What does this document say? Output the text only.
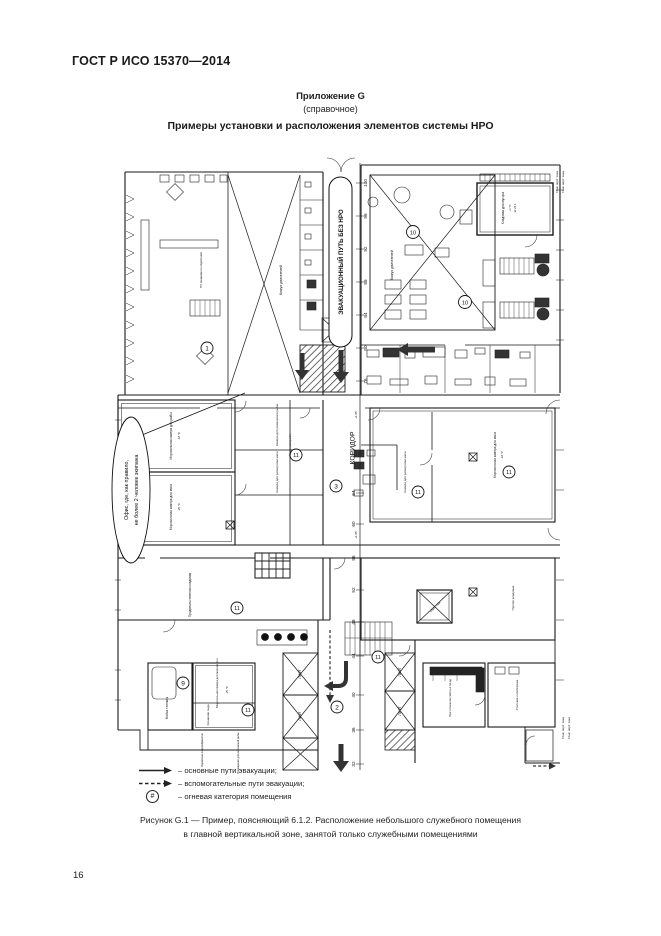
ГОСТ Р ИСО 15370—2014
Приложение G
(справочное)
Примеры установки и расположения элементов системы НРО
100
96
92
88
84
80
76
64
60
56
52
48
44
40
36
32
ЭВАКУАЦИОННЫЙ ПУТЬ БЕЗ НРО
Офис, где, как правило, не более 2 человек экипажа
КОРИДОР
1
10
10
3
11
11
11
11
11
11
9
2
Кожух двигателей
Кожух двигателей
ПУ машинного отделения
Кладовая для мусора +1 °C м² 23.1
Морозильная камера для рыбы -18 °C
Морозильная камера для мяса -25 °C
Камера для разморозки рыбы
Камера для разморозки мяса
Подготовка рыбы
Камера для разморозки мяса	Морозильная камера для мяса -18 °C
Продовольственная кладовая	Прочие кладовые
Мойка тележек
Морозильная камера для мороженого -25 °C
Хранение льда
ЛИФТ
ЛИФТ
ЛИФТ
ЛИФТ	Приготовление мясных блюд	Столовая и хлеборезка
Спуск. люк
Перевозка полуфабрикатов	Помещение для мороженой рыбы
Глав. верт. зона Глав. верт. зона
Глав. верт. зона Глав. верт. зона
+1.05
+1.05
– основные пути эвакуации;
– вспомогательные пути эвакуации;
#	– огневая категория помещения
Рисунок G.1 — Пример, поясняющий 6.1.2. Расположение небольшого служебного помещения
в главной вертикальной зоне, занятой только служебными помещениями
16
